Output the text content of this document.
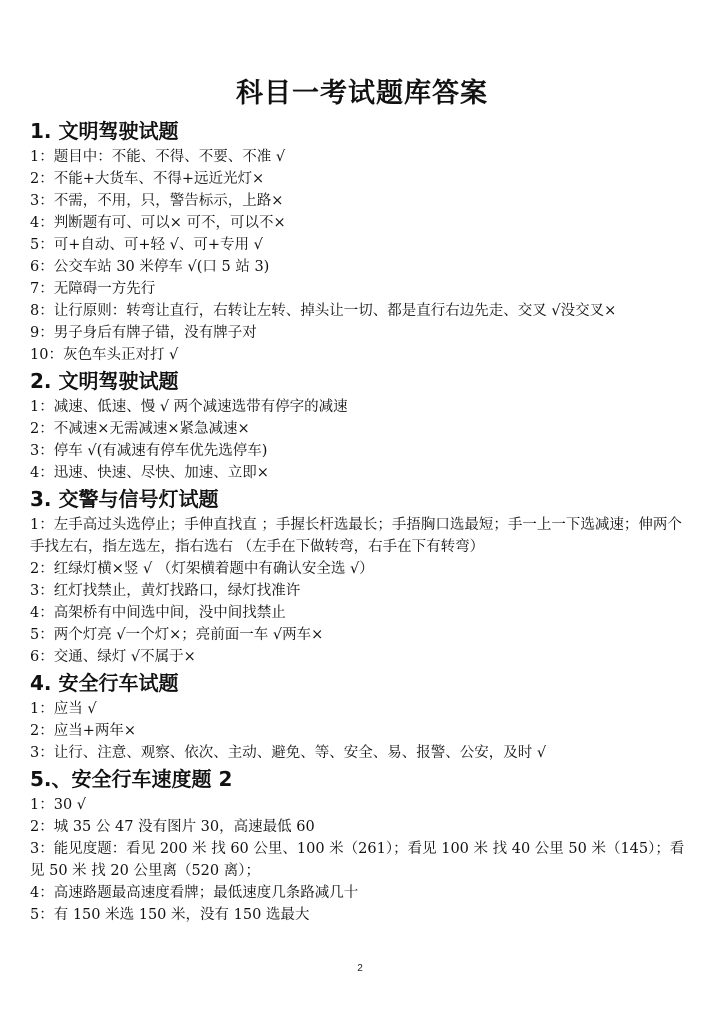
科目一考试题库答案
1. 文明驾驶试题
1：题目中：不能、不得、不要、不准 √
2：不能+大货车、不得+远近光灯×
3：不需，不用，只，警告标示，上路×
4：判断题有可、可以× 可不，可以不×
5：可+自动、可+轻 √、可+专用 √
6：公交车站 30 米停车 √(口 5 站 3)
7：无障碍一方先行
8：让行原则：转弯让直行，右转让左转、掉头让一切、都是直行右边先走、交叉 √没交叉×
9：男子身后有牌子错，没有牌子对
10：灰色车头正对打 √
2. 文明驾驶试题
1：减速、低速、慢 √ 两个减速选带有停字的减速
2：不减速×无需减速×紧急减速×
3：停车 √(有减速有停车优先选停车)
4：迅速、快速、尽快、加速、立即×
3. 交警与信号灯试题
1：左手高过头选停止；手伸直找直 ；手握长杆选最长；手捂胸口选最短；手一上一下选减速；伸两个手找左右，指左选左，指右选右 （左手在下做转弯，右手在下有转弯）
2：红绿灯横×竖 √ （灯架横着题中有确认安全选 √）
3：红灯找禁止，黄灯找路口，绿灯找准许
4：高架桥有中间选中间，没中间找禁止
5：两个灯亮 √一个灯×；亮前面一车 √两车×
6：交通、绿灯 √不属于×
4. 安全行车试题
1：应当 √
2：应当+两年×
3：让行、注意、观察、依次、主动、避免、等、安全、易、报警、公安，及时 √
5.、安全行车速度题 2
1：30 √
2：城 35 公 47 没有图片 30，高速最低 60
3：能见度题：看见 200 米 找 60 公里、100 米（261）；看见 100 米 找 40 公里 50 米（145）；看见 50 米 找 20 公里离（520 离）；
4：高速路题最高速度看牌；最低速度几条路减几十
5：有 150 米选 150 米，没有 150 选最大
2
